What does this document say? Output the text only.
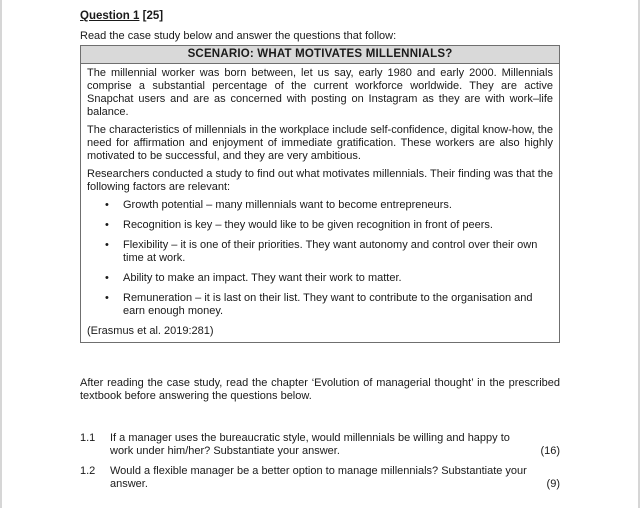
Question 1 [25]
Read the case study below and answer the questions that follow:
SCENARIO: WHAT MOTIVATES MILLENNIALS?

The millennial worker was born between, let us say, early 1980 and early 2000. Millennials comprise a substantial percentage of the current workforce worldwide. They are active Snapchat users and are as concerned with posting on Instagram as they are with work–life balance.

The characteristics of millennials in the workplace include self-confidence, digital know-how, the need for affirmation and enjoyment of immediate gratification. These workers are also highly motivated to be successful, and they are very ambitious.

Researchers conducted a study to find out what motivates millennials. Their finding was that the following factors are relevant:

• Growth potential – many millennials want to become entrepreneurs.
• Recognition is key – they would like to be given recognition in front of peers.
• Flexibility – it is one of their priorities. They want autonomy and control over their own time at work.
• Ability to make an impact. They want their work to matter.
• Remuneration – it is last on their list. They want to contribute to the organisation and earn enough money.

(Erasmus et al. 2019:281)

After reading the case study, read the chapter ‘Evolution of managerial thought’ in the prescribed textbook before answering the questions below.
1.1 If a manager uses the bureaucratic style, would millennials be willing and happy to work under him/her? Substantiate your answer.	(16)
1.2 Would a flexible manager be a better option to manage millennials? Substantiate your answer.	(9)
